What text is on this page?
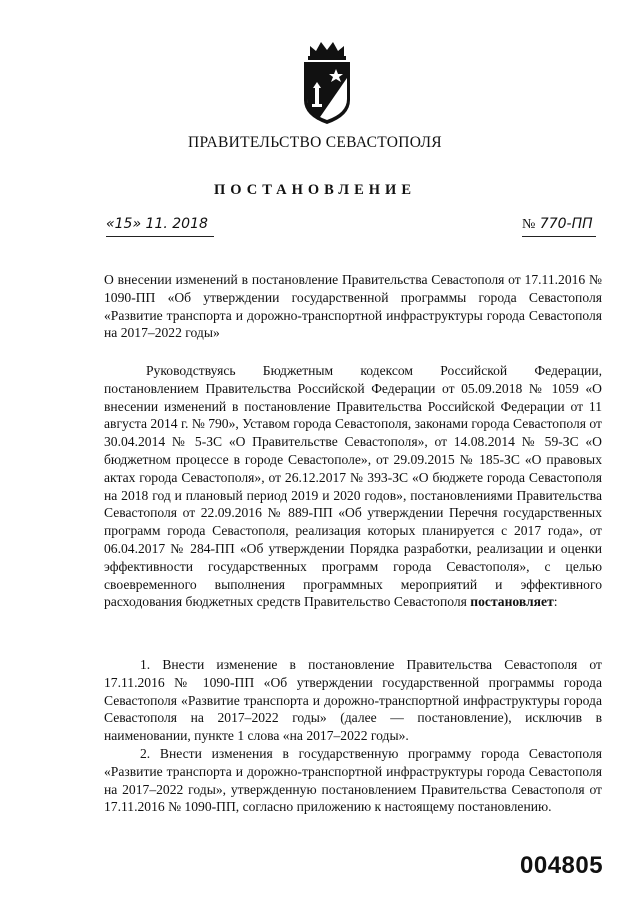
ПРАВИТЕЛЬСТВО СЕВАСТОПОЛЯ
ПОСТАНОВЛЕНИЕ
«15» 11. 2018	№ 770-ПП
О внесении изменений в постановление Правительства Севастополя от 17.11.2016 № 1090-ПП «Об утверждении государственной программы города Севастополя «Развитие транспорта и дорожно-транспортной инфраструктуры города Севастополя на 2017–2022 годы»
Руководствуясь Бюджетным кодексом Российской Федерации, постановлением Правительства Российской Федерации от 05.09.2018 № 1059 «О внесении изменений в постановление Правительства Российской Федерации от 11 августа 2014 г. № 790», Уставом города Севастополя, законами города Севастополя от 30.04.2014 № 5-ЗС «О Правительстве Севастополя», от 14.08.2014 № 59-ЗС «О бюджетном процессе в городе Севастополе», от 29.09.2015 № 185-ЗС «О правовых актах города Севастополя», от 26.12.2017 № 393-ЗС «О бюджете города Севастополя на 2018 год и плановый период 2019 и 2020 годов», постановлениями Правительства Севастополя от 22.09.2016 № 889-ПП «Об утверждении Перечня государственных программ города Севастополя, реализация которых планируется с 2017 года», от 06.04.2017 № 284-ПП «Об утверждении Порядка разработки, реализации и оценки эффективности государственных программ города Севастополя», с целью своевременного выполнения программных мероприятий и эффективного расходования бюджетных средств Правительство Севастополя постановляет:

1. Внести изменение в постановление Правительства Севастополя от 17.11.2016 № 1090-ПП «Об утверждении государственной программы города Севастополя «Развитие транспорта и дорожно-транспортной инфраструктуры города Севастополя на 2017–2022 годы» (далее — постановление), исключив в наименовании, пункте 1 слова «на 2017–2022 годы».

2. Внести изменения в государственную программу города Севастополя «Развитие транспорта и дорожно-транспортной инфраструктуры города Севастополя на 2017–2022 годы», утвержденную постановлением Правительства Севастополя от 17.11.2016 № 1090-ПП, согласно приложению к настоящему постановлению.

004805
